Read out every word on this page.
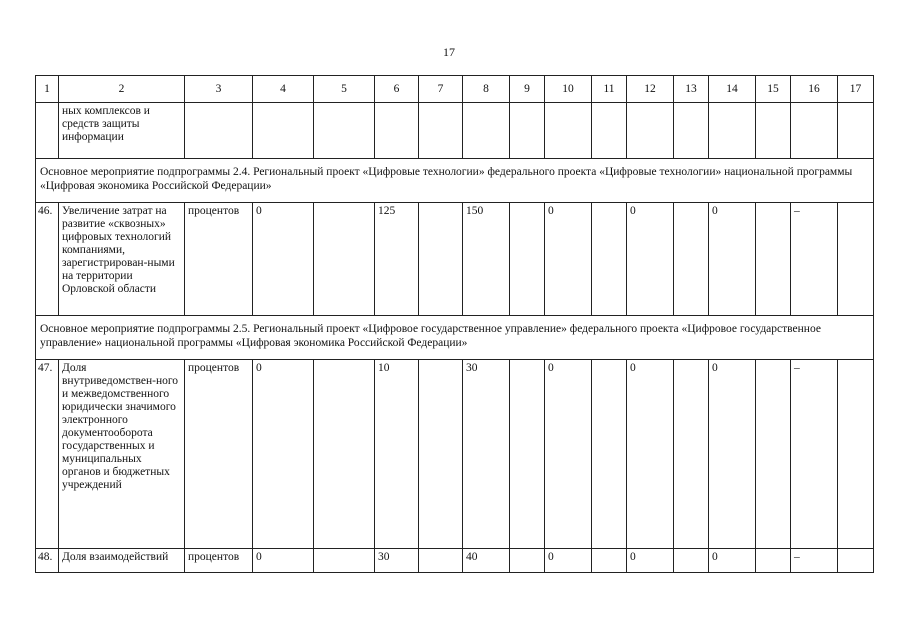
17
1	2	3	4	5	6	7	8	9	10	11	12	13	14	15	16	17
	ных комплексов и средств защиты информации															
Основное мероприятие подпрограммы 2.4. Региональный проект «Цифровые технологии» федерального проекта «Цифровые технологии» национальной программы «Цифровая экономика Российской Федерации»																
46.	Увеличение затрат на развитие «сквозных» цифровых технологий компаниями, зарегистрирован-ными на территории Орловской области	процентов	0		125		150		0		0		0		–	
Основное мероприятие подпрограммы 2.5. Региональный проект «Цифровое государственное управление» федерального проекта «Цифровое государственное управление» национальной программы «Цифровая экономика Российской Федерации»																
47.	Доля внутриведомствен-ного и межведомственного юридически значимого электронного документооборота государственных и муниципальных органов и бюджетных учреждений	процентов	0		10		30		0		0		0		–	
48.	Доля взаимодействий	процентов	0		30		40		0		0		0		–	
